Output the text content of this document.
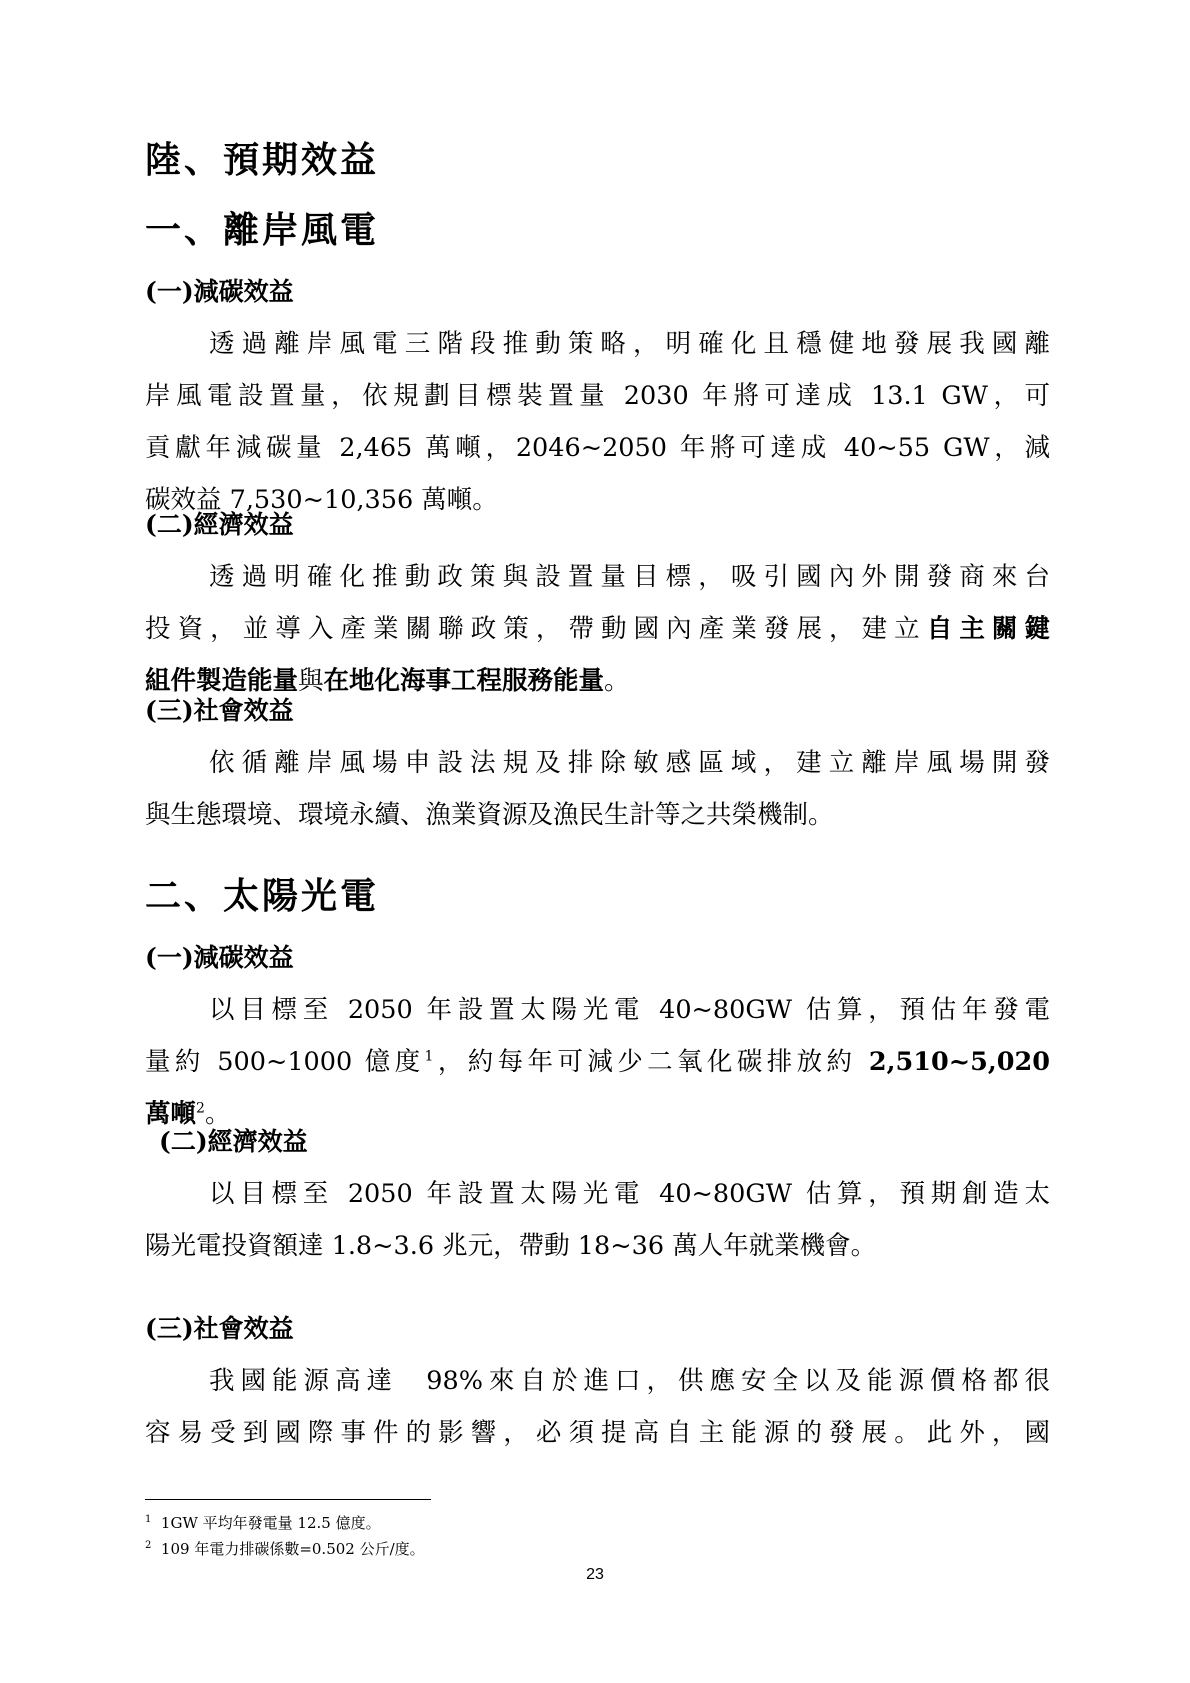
陸、預期效益
一、離岸風電
(一)減碳效益
透過離岸風電三階段推動策略，明確化且穩健地發展我國離
岸風電設置量，依規劃目標裝置量 2030 年將可達成 13.1 GW，可
貢獻年減碳量 2,465 萬噸，2046~2050 年將可達成 40~55 GW，減
碳效益 7,530~10,356 萬噸。
(二)經濟效益
透過明確化推動政策與設置量目標，吸引國內外開發商來台
投資，並導入產業關聯政策，帶動國內產業發展，建立自主關鍵
組件製造能量與在地化海事工程服務能量。
(三)社會效益
依循離岸風場申設法規及排除敏感區域，建立離岸風場開發
與生態環境、環境永續、漁業資源及漁民生計等之共榮機制。
二、太陽光電
(一)減碳效益
以目標至 2050 年設置太陽光電 40~80GW 估算，預估年發電
量約 500~1000 億度$^1$，約每年可減少二氧化碳排放約 2,510~5,020
萬噸$^2$。
(二)經濟效益
以目標至 2050 年設置太陽光電 40~80GW 估算，預期創造太
陽光電投資額達 1.8~3.6 兆元，帶動 18~36 萬人年就業機會。
(三)社會效益
我國能源高達  98%來自於進口，供應安全以及能源價格都很
容易受到國際事件的影響，必須提高自主能源的發展。此外，國
$^1$ 1GW 平均年發電量 12.5 億度。
$^2$ 109 年電力排碳係數=0.502 公斤/度。
23
